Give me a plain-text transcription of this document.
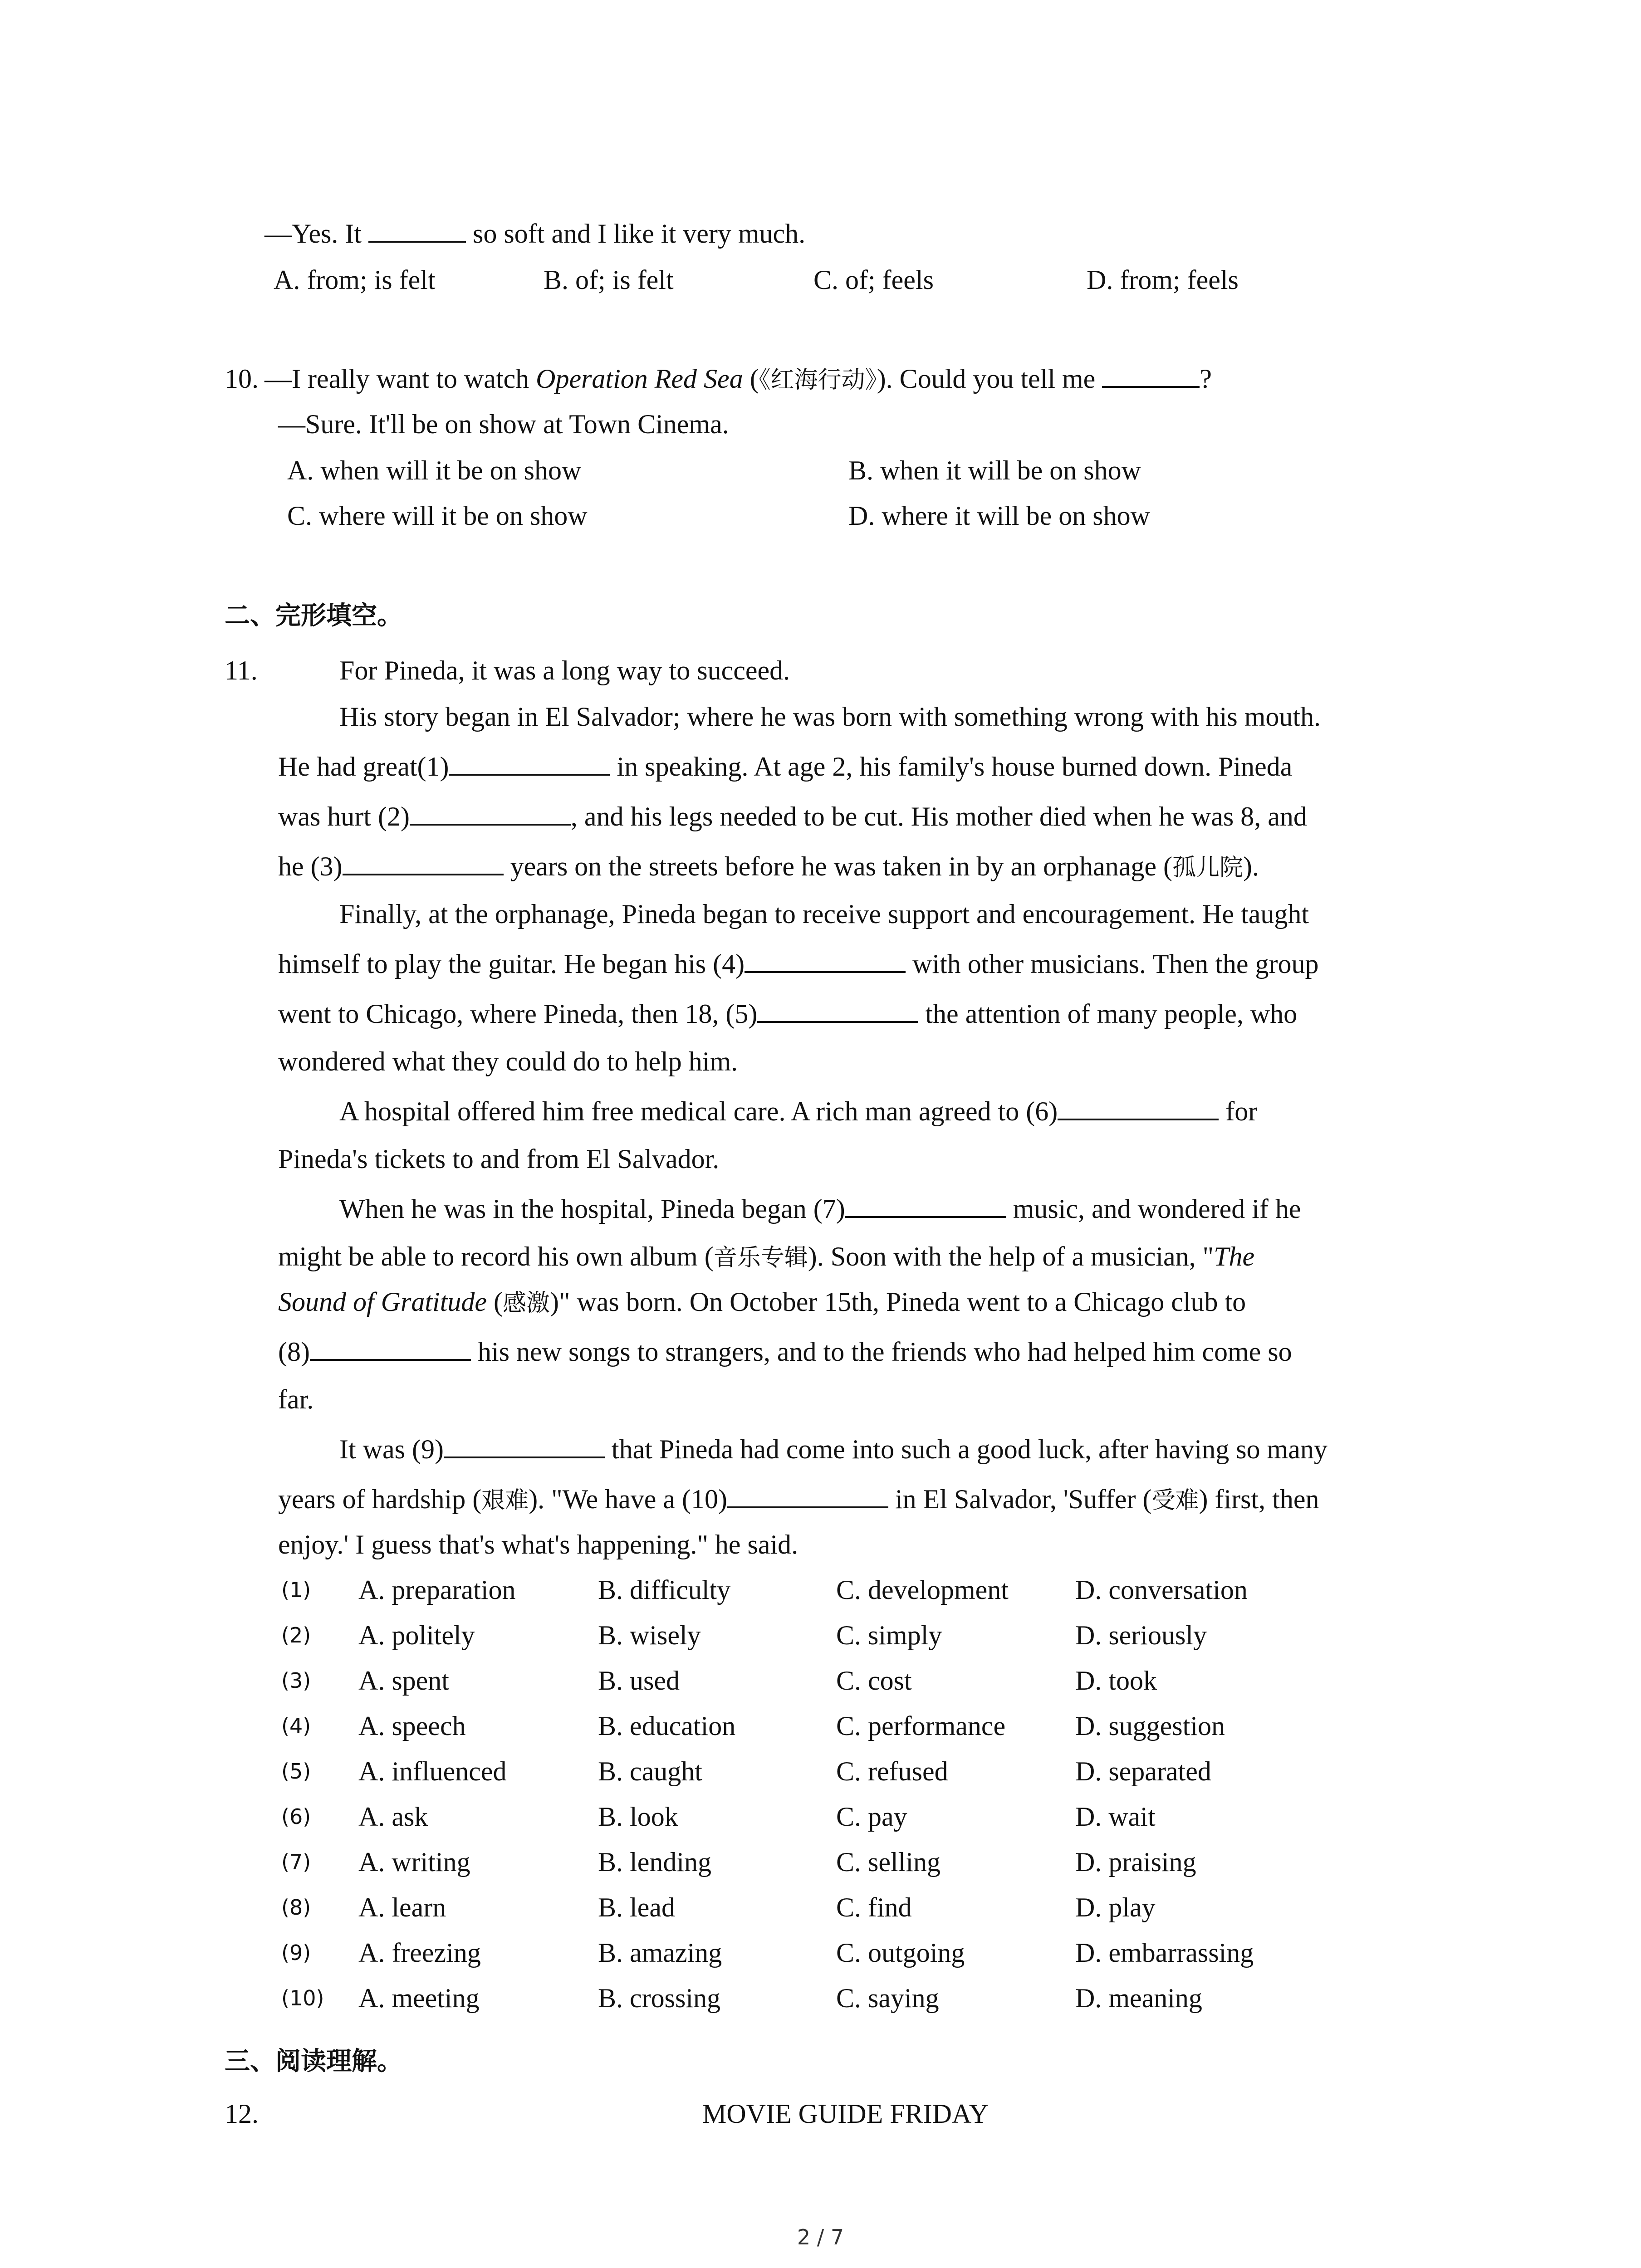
—Yes. It	so soft and I like it very much.
A. from; is felt	B. of; is felt	C. of; feels	D. from; feels
10. —I really want to watch Operation Red Sea (《红海行动》). Could you tell me	?
—Sure. It'll be on show at Town Cinema.
A. when will it be on show	B. when it will be on show
C. where will it be on show	D. where it will be on show
二、完形填空。
11.	For Pineda, it was a long way to succeed.
His story began in El Salvador; where he was born with something wrong with his mouth.
He had great(1)	in speaking. At age 2, his family's house burned down. Pineda
was hurt (2)	, and his legs needed to be cut. His mother died when he was 8, and
he (3)	years on the streets before he was taken in by an orphanage (孤儿院).
Finally, at the orphanage, Pineda began to receive support and encouragement. He taught
himself to play the guitar. He began his (4)	with other musicians. Then the group
went to Chicago, where Pineda, then 18, (5)	the attention of many people, who
wondered what they could do to help him.
A hospital offered him free medical care. A rich man agreed to (6)	for
Pineda's tickets to and from El Salvador.
When he was in the hospital, Pineda began (7)	music, and wondered if he
might be able to record his own album (音乐专辑). Soon with the help of a musician, "The
Sound of Gratitude (感激)" was born. On October 15th, Pineda went to a Chicago club to
(8)	his new songs to strangers, and to the friends who had helped him come so
far.
It was (9)	that Pineda had come into such a good luck, after having so many
years of hardship (艰难). "We have a (10)	in El Salvador, 'Suffer (受难) first, then
enjoy.' I guess that's what's happening." he said.
(1) A. preparation	B. difficulty	C. development D. conversation
(2) A. politely	B. wisely	C. simply	D. seriously
(3) A. spent	B. used	C. cost	D. took
(4) A. speech	B. education	C. performance	D. suggestion
(5) A. influenced	B. caught	C. refused	D. separated
(6) A. ask	B. look	C. pay	D. wait
(7) A. writing	B. lending	C. selling	D. praising
(8) A. learn	B. lead	C. find	D. play
(9) A. freezing	B. amazing	C. outgoing	D. embarrassing
(10) A. meeting	B. crossing	C. saying	D. meaning
三、阅读理解。
12.	MOVIE GUIDE FRIDAY
2 / 7
